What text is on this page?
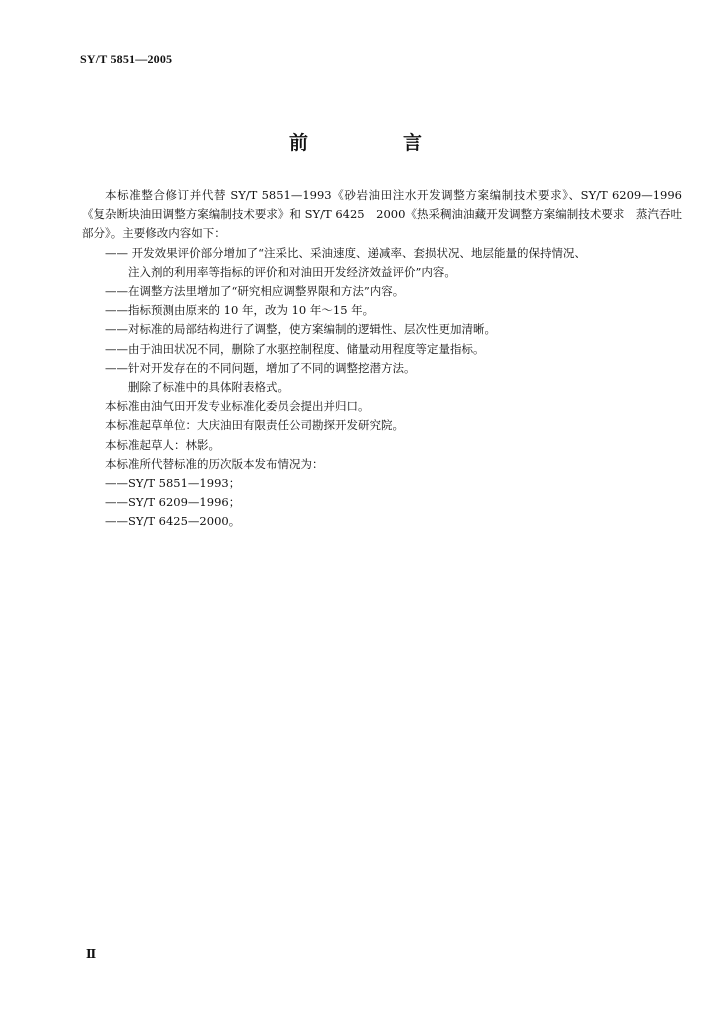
SY/T 5851—2005
前　言

本标准整合修订并代替 SY/T 5851—1993《砂岩油田注水开发调整方案编制技术要求》、SY/T 6209—1996《复杂断块油田调整方案编制技术要求》和 SY/T 6425　2000《热采稠油油藏开发调整方案编制技术要求　蒸汽吞吐部分》。主要修改内容如下：

—— 开发效果评价部分增加了“注采比、采油速度、递减率、套损状况、地层能量的保持情况、

注入剂的利用率等指标的评价和对油田开发经济效益评价”内容。

——在调整方法里增加了“研究相应调整界限和方法”内容。

——指标预测由原来的 10 年，改为 10 年～15 年。

——对标准的局部结构进行了调整，使方案编制的逻辑性、层次性更加清晰。

——由于油田状况不同，删除了水驱控制程度、储量动用程度等定量指标。

——针对开发存在的不同问题，增加了不同的调整挖潜方法。

删除了标准中的具体附表格式。

本标准由油气田开发专业标准化委员会提出并归口。

本标准起草单位：大庆油田有限责任公司勘探开发研究院。

本标准起草人：林影。

本标准所代替标准的历次版本发布情况为：

——SY/T 5851—1993；

——SY/T 6209—1996；

——SY/T 6425—2000。

Ⅱ
